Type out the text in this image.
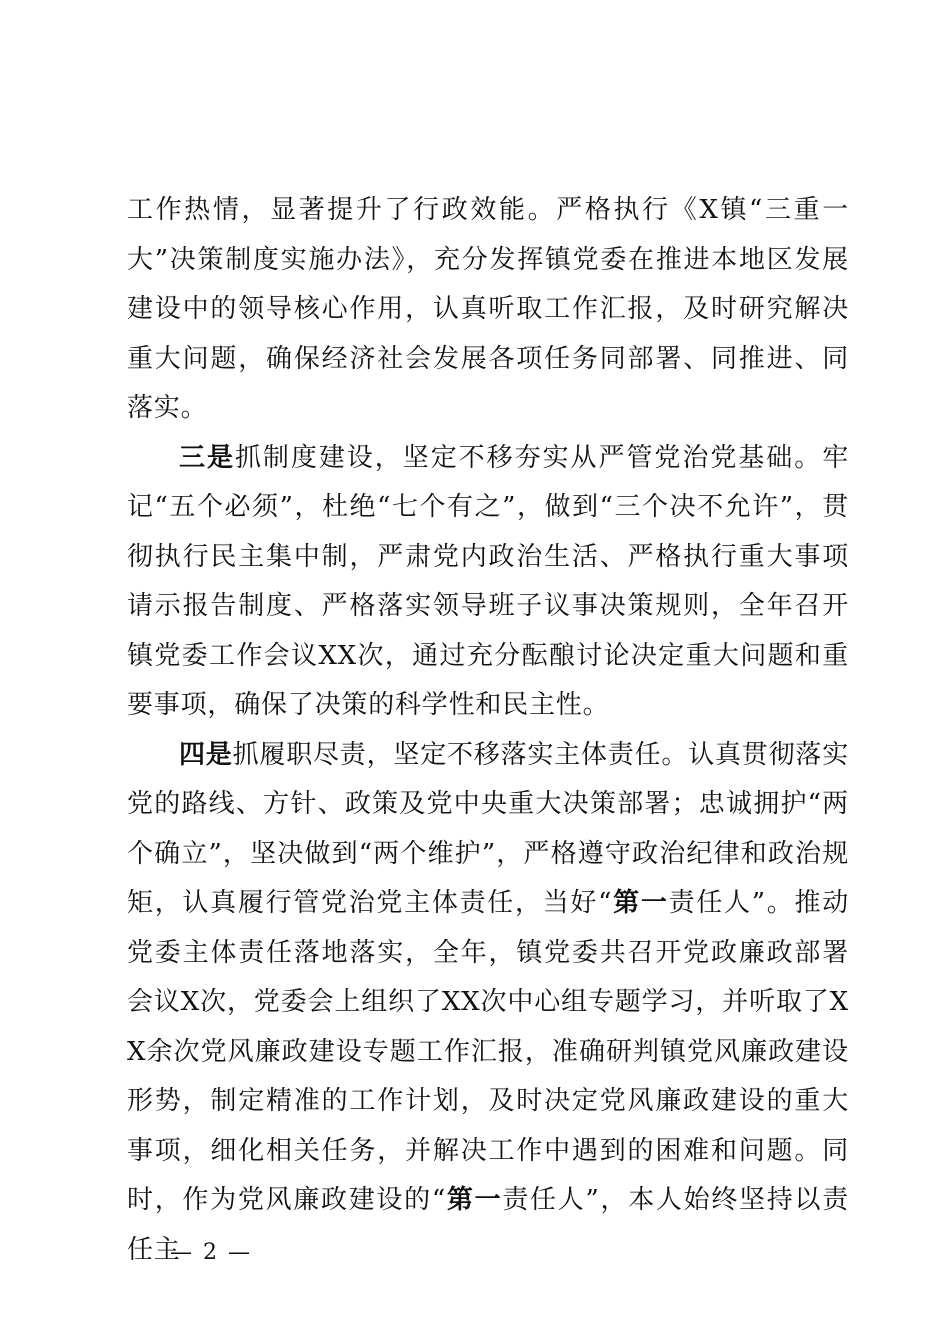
工作热情，显著提升了行政效能。严格执行《X镇“三重一大”决策制度实施办法》，充分发挥镇党委在推进本地区发展建设中的领导核心作用，认真听取工作汇报，及时研究解决重大问题，确保经济社会发展各项任务同部署、同推进、同落实。

三是抓制度建设，坚定不移夯实从严管党治党基础。牢记“五个必须”，杜绝“七个有之”，做到“三个决不允许”，贯彻执行民主集中制，严肃党内政治生活、严格执行重大事项请示报告制度、严格落实领导班子议事决策规则，全年召开镇党委工作会议XX次，通过充分酝酿讨论决定重大问题和重要事项，确保了决策的科学性和民主性。

四是抓履职尽责，坚定不移落实主体责任。认真贯彻落实党的路线、方针、政策及党中央重大决策部署；忠诚拥护“两个确立”，坚决做到“两个维护”，严格遵守政治纪律和政治规矩，认真履行管党治党主体责任，当好“第一责任人”。推动党委主体责任落地落实，全年，镇党委共召开党政廉政部署会议X次，党委会上组织了XX次中心组专题学习，并听取了XX余次党风廉政建设专题工作汇报，准确研判镇党风廉政建设形势，制定精准的工作计划，及时决定党风廉政建设的重大事项，细化相关任务，并解决工作中遇到的困难和问题。同时，作为党风廉政建设的“第一责任人”，本人始终坚持以责任主

— 2 —
